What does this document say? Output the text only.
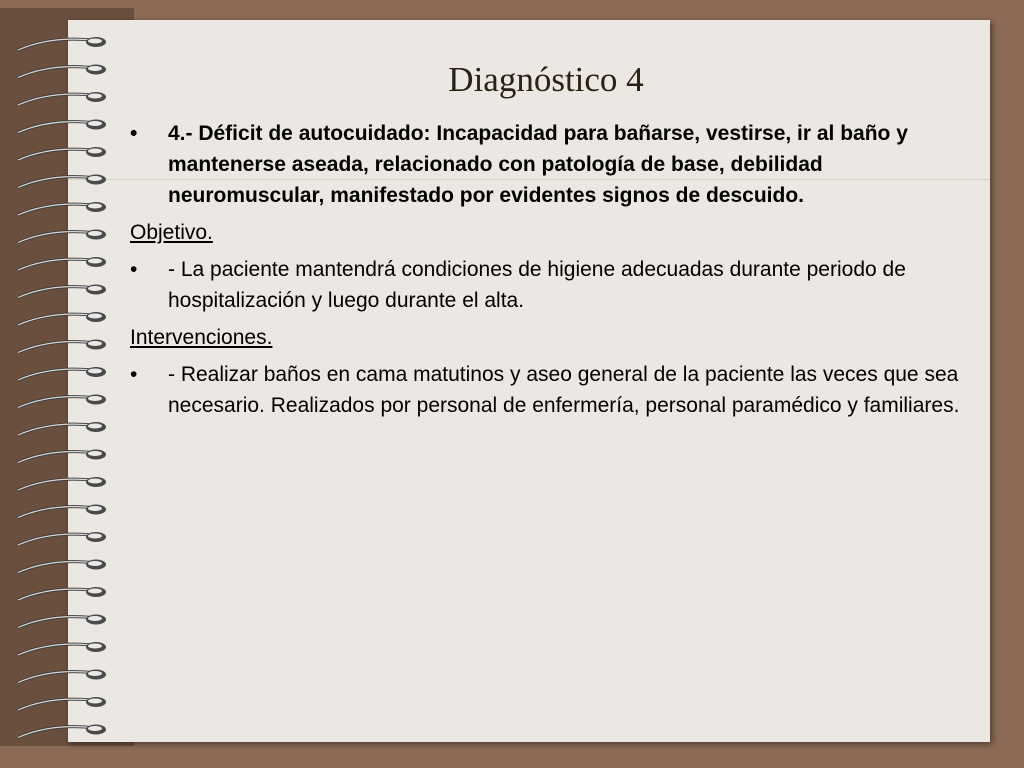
Diagnóstico 4
• 4.- Déficit de autocuidado: Incapacidad para bañarse, vestirse, ir al baño y mantenerse aseada, relacionado con patología de base, debilidad neuromuscular, manifestado por evidentes signos de descuido.
Objetivo.
• - La paciente mantendrá condiciones de higiene adecuadas durante periodo de hospitalización y luego durante el alta.
Intervenciones.
• - Realizar baños en cama matutinos y aseo general de la paciente las veces que sea necesario. Realizados por personal de enfermería, personal paramédico y familiares.
